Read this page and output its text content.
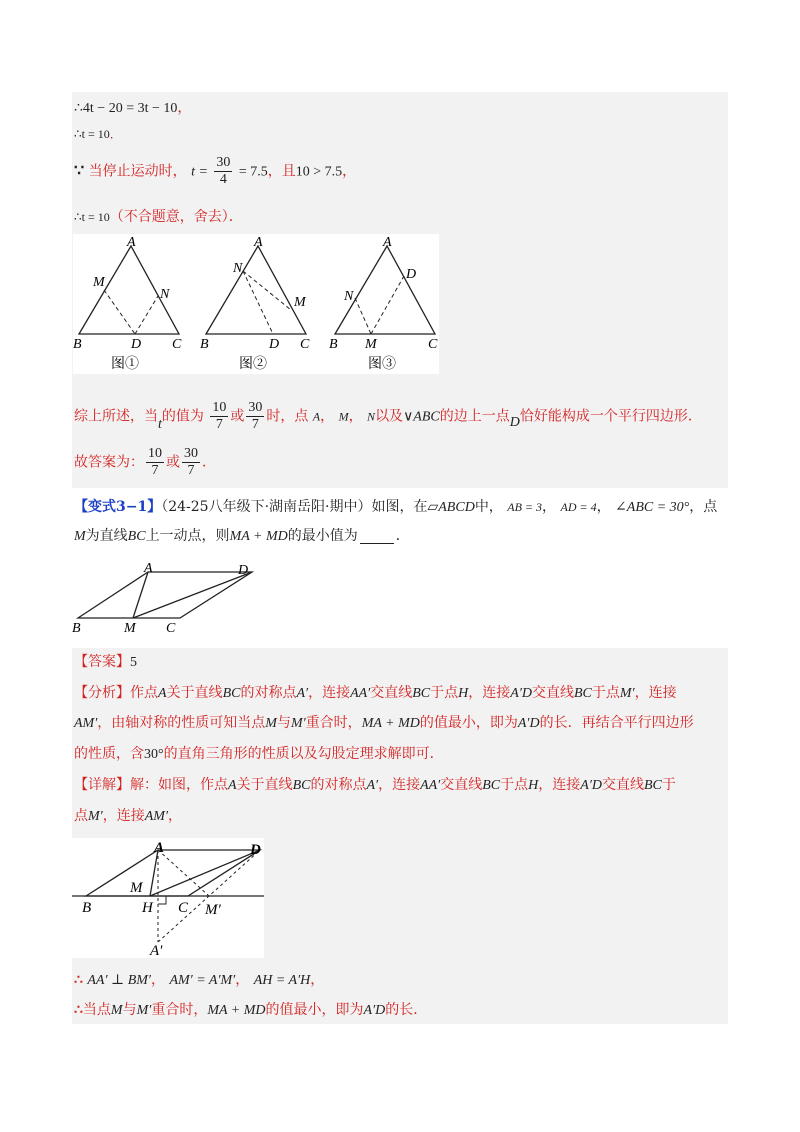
∴4t − 20 = 3t − 10，
∴t = 10．
∵ 当停止运动时， $t = \frac{30}{4} = 7.5$，且10 > 7.5，
∴t = 10（不合题意，舍去）．
A
M
N
B	D C
图①
A
N
M
B	D C
图②
A
D
N
B M	C
图③
综上所述，当t的值为 $\frac{10}{7}$ 或 $\frac{30}{7}$ 时，点 A， M， N以及∨ABC的边上一点D恰好能构成一个平行四边形．
故答案为： $\frac{10}{7}$ 或 $\frac{30}{7}$ ．
【变式3−1】（24-25八年级下·湖南岳阳·期中）如图，在▱ABCD中， AB = 3， AD = 4， ∠ABC = 30°，点
M为直线BC上一动点，则MA + MD的最小值为	．
A	D
B	M C
【答案】5
【分析】作点A关于直线BC的对称点A′，连接AA′交直线BC于点H，连接A′D交直线BC于点M′，连接
AM′，由轴对称的性质可知当点M与M′重合时，MA + MD的值最小，即为A′D的长．再结合平行四边形
的性质，含30°的直角三角形的性质以及勾股定理求解即可．
【详解】解：如图，作点A关于直线BC的对称点A′，连接AA′交直线BC于点H，连接A′D交直线BC于
点M′，连接AM′，
A	D
M
B	H C M′
A′
∴ AA′ ⊥ BM′， AM′ = A′M′， AH = A′H，
∴当点M与M′重合时，MA + MD的值最小，即为A′D的长．
